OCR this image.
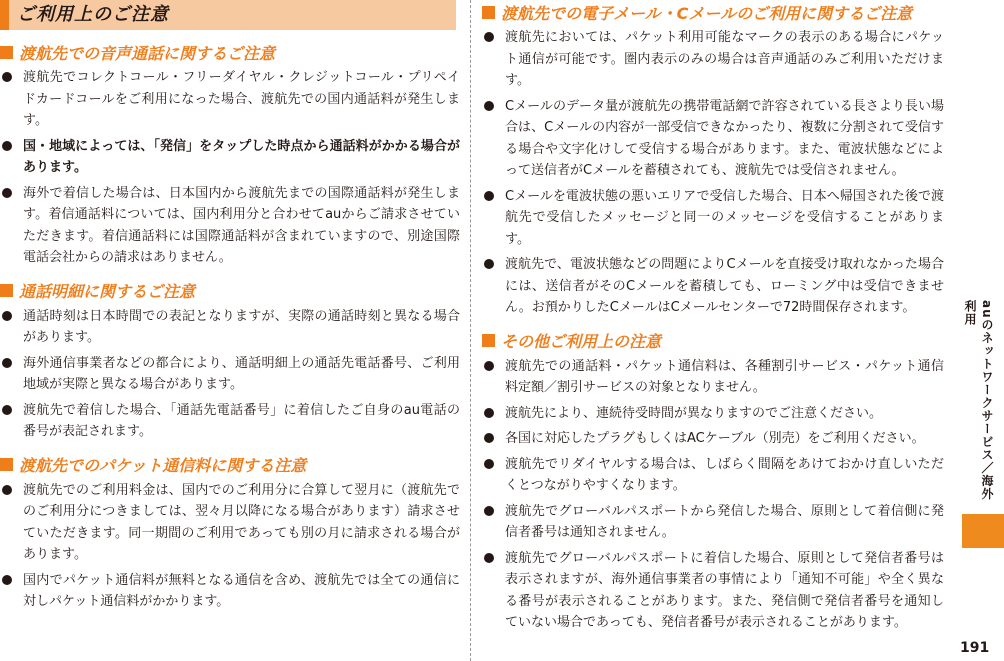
ご利用上のご注意
渡航先での音声通話に関するご注意
渡航先でコレクトコール・フリーダイヤル・クレジットコール・プリペイドカードコールをご利用になった場合、渡航先での国内通話料が発生します。
国・地域によっては、「発信」をタップした時点から通話料がかかる場合があります。
海外で着信した場合は、日本国内から渡航先までの国際通話料が発生します。着信通話料については、国内利用分と合わせてauからご請求させていただきます。着信通話料には国際通話料が含まれていますので、別途国際電話会社からの請求はありません。
通話明細に関するご注意
通話時刻は日本時間での表記となりますが、実際の通話時刻と異なる場合があります。
海外通信事業者などの都合により、通話明細上の通話先電話番号、ご利用地域が実際と異なる場合があります。
渡航先で着信した場合、「通話先電話番号」に着信したご自身のau電話の番号が表記されます。
渡航先でのパケット通信料に関する注意
渡航先でのご利用料金は、国内でのご利用分に合算して翌月に（渡航先でのご利用分につきましては、翌々月以降になる場合があります）請求させていただきます。同一期間のご利用であっても別の月に請求される場合があります。
国内でパケット通信料が無料となる通信を含め、渡航先では全ての通信に対しパケット通信料がかかります。
渡航先での電子メール・Cメールのご利用に関するご注意
渡航先においては、パケット利用可能なマークの表示のある場合にパケット通信が可能です。圏内表示のみの場合は音声通話のみご利用いただけます。
Cメールのデータ量が渡航先の携帯電話網で許容されている長さより長い場合は、Cメールの内容が一部受信できなかったり、複数に分割されて受信する場合や文字化けして受信する場合があります。また、電波状態などによって送信者がCメールを蓄積されても、渡航先では受信されません。
Cメールを電波状態の悪いエリアで受信した場合、日本へ帰国された後で渡航先で受信したメッセージと同一のメッセージを受信することがあります。
渡航先で、電波状態などの問題によりCメールを直接受け取れなかった場合には、送信者がそのCメールを蓄積しても、ローミング中は受信できません。お預かりしたCメールはCメールセンターで72時間保存されます。
その他ご利用上の注意
渡航先での通話料・パケット通信料は、各種割引サービス・パケット通信料定額／割引サービスの対象となりません。
渡航先により、連続待受時間が異なりますのでご注意ください。
各国に対応したプラグもしくはACケーブル（別売）をご利用ください。
渡航先でリダイヤルする場合は、しばらく間隔をあけておかけ直しいただくとつながりやすくなります。
渡航先でグローバルパスポートから発信した場合、原則として着信側に発信者番号は通知されません。
渡航先でグローバルパスポートに着信した場合、原則として発信者番号は表示されますが、海外通信事業者の事情により「通知不可能」や全く異なる番号が表示されることがあります。また、発信側で発信者番号を通知していない場合であっても、発信者番号が表示されることがあります。
auのネットワークサービス／海外利用
191
